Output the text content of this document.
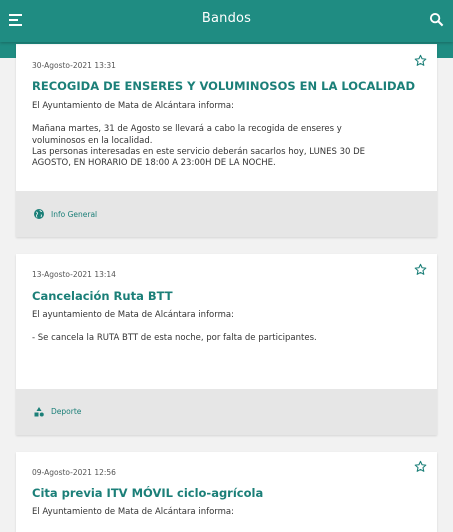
Bandos
30-Agosto-2021 13:31
RECOGIDA DE ENSERES Y VOLUMINOSOS EN LA LOCALIDAD
El Ayuntamiento de Mata de Alcántara informa:
Mañana martes, 31 de Agosto se llevará a cabo la recogida de enseres y
voluminosos en la localidad.
Las personas interesadas en este servicio deberán sacarlos hoy, LUNES 30 DE
AGOSTO, EN HORARIO DE 18:00 A 23:00H DE LA NOCHE.
Info General
13-Agosto-2021 13:14
Cancelación Ruta BTT
El ayuntamiento de Mata de Alcántara informa:
- Se cancela la RUTA BTT de esta noche, por falta de participantes.
Deporte
09-Agosto-2021 12:56
Cita previa ITV MÓVIL ciclo-agrícola
El Ayuntamiento de Mata de Alcántara informa:
